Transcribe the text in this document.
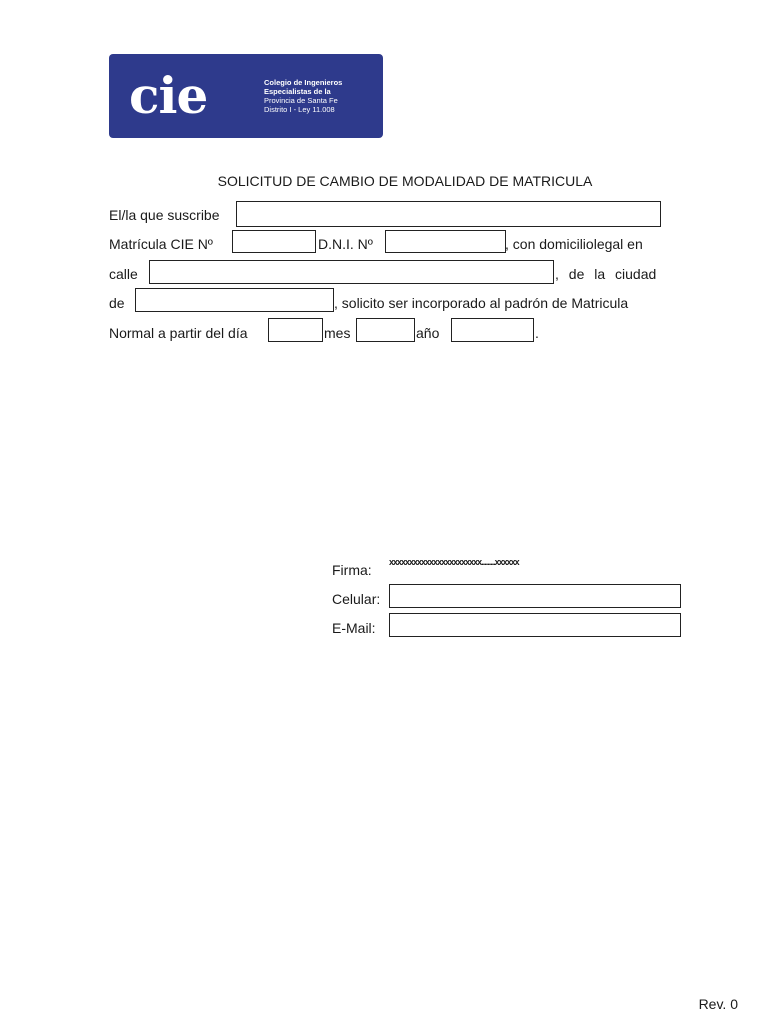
cie	Colegio de Ingenieros
Especialistas de la
Provincia de Santa Fe
Distrito I - Ley 11.008
SOLICITUD DE CAMBIO DE MODALIDAD DE MATRICULA
El/la que suscribe
Matrícula CIE Nº	D.N.I. Nº	, con domiciliolegal en
calle	, de la ciudad
de	, solicito ser incorporado al padrón de Matricula
Normal a partir del día	mes	año	.
Firma: xxxxxxxxxxxxxxxxxxxxxxx.........xxxxxx
Celular:
E-Mail:
Rev. 0
